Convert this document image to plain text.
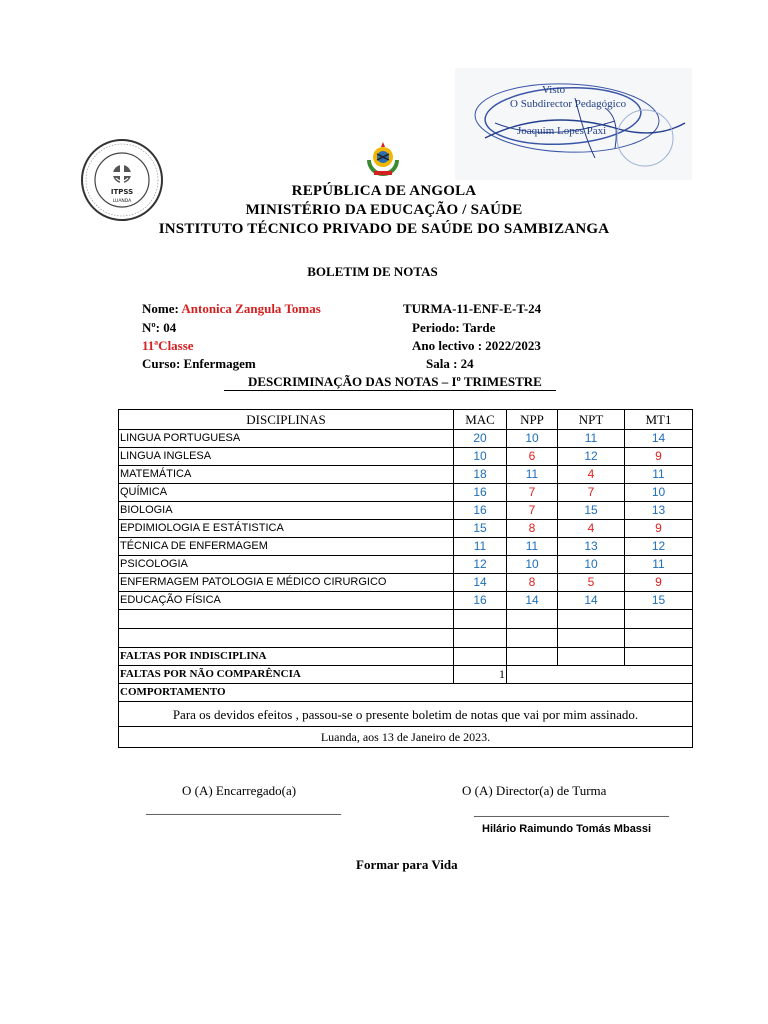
ITPSS
LUANDA
Visto
O Subdirector Pedagógico
Joaquim Lopes Paxi
REPÚBLICA DE ANGOLA
MINISTÉRIO DA EDUCAÇÃO / SAÚDE
INSTITUTO TÉCNICO PRIVADO DE SAÚDE DO SAMBIZANGA
BOLETIM DE NOTAS
Nome: Antonica Zangula Tomas
Nº: 04
11ªClasse
Curso: Enfermagem
TURMA-11-ENF-E-T-24
Periodo: Tarde
Ano lectivo : 2022/2023
Sala : 24
DESCRIMINAÇÃO DAS NOTAS – Iº TRIMESTRE
DISCIPLINAS	MAC	NPP	NPT	MT1
LINGUA PORTUGUESA	20	10	11	14
LINGUA INGLESA	10	6	12	9
MATEMÁTICA	18	11	4	11
QUÍMICA	16	7	7	10
BIOLOGIA	16	7	15	13
EPDIMIOLOGIA E ESTÁTISTICA	15	8	4	9
TÉCNICA DE ENFERMAGEM	11	11	13	12
PSICOLOGIA	12	10	10	11
ENFERMAGEM PATOLOGIA E MÉDICO CIRURGICO	14	8	5	9
EDUCAÇÃO FÍSICA	16	14	14	15

FALTAS POR INDISCIPLINA				
FALTAS POR NÃO COMPARÊNCIA	1			
COMPORTAMENTO				
Para os devidos efeitos , passou-se o presente boletim de notas que vai por mim assinado.				
Luanda, aos 13 de Janeiro de 2023.				
O (A) Encarregado(a)
______________________________
O (A) Director(a) de Turma
______________________________
Hilário Raimundo Tomás Mbassi
Formar para Vida
